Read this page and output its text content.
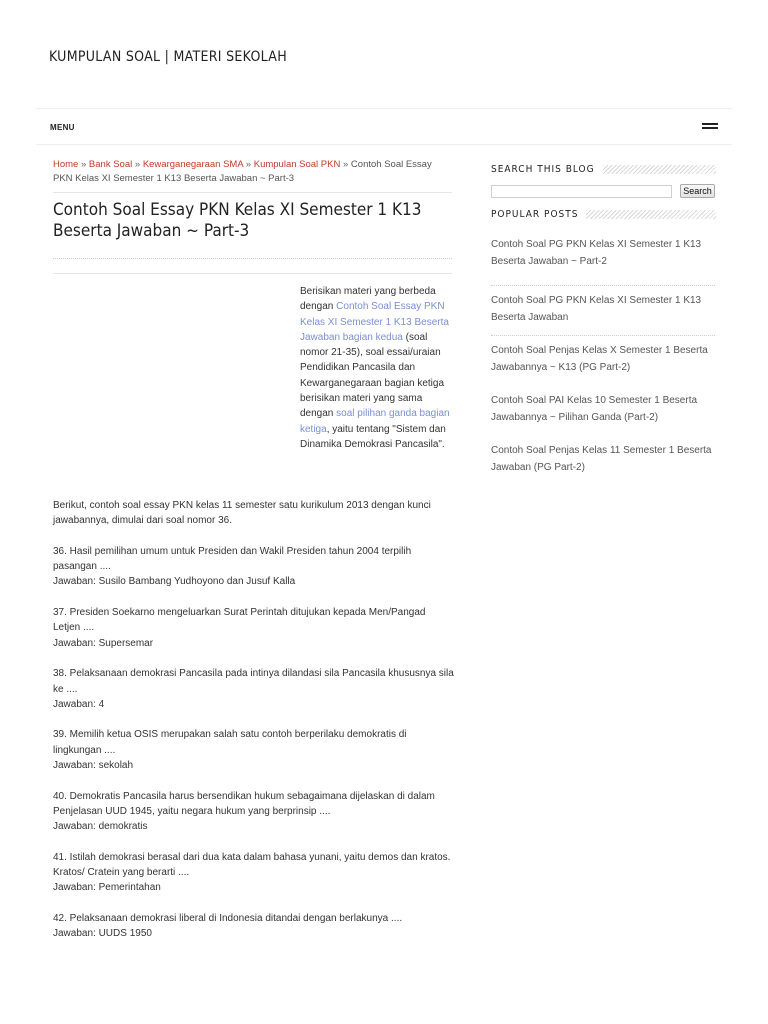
KUMPULAN SOAL | MATERI SEKOLAH
MENU
Home » Bank Soal » Kewarganegaraan SMA » Kumpulan Soal PKN » Contoh Soal Essay PKN Kelas XI Semester 1 K13 Beserta Jawaban ~ Part-3
Contoh Soal Essay PKN Kelas XI Semester 1 K13 Beserta Jawaban ~ Part-3
Berisikan materi yang berbeda dengan Contoh Soal Essay PKN Kelas XI Semester 1 K13 Beserta Jawaban bagian kedua (soal nomor 21-35), soal essai/uraian Pendidikan Pancasila dan Kewarganegaraan bagian ketiga berisikan materi yang sama dengan soal pilihan ganda bagian ketiga, yaitu tentang "Sistem dan Dinamika Demokrasi Pancasila".

Berikut, contoh soal essay PKN kelas 11 semester satu kurikulum 2013 dengan kunci jawabannya, dimulai dari soal nomor 36.

36. Hasil pemilihan umum untuk Presiden dan Wakil Presiden tahun 2004 terpilih pasangan ....

Jawaban: Susilo Bambang Yudhoyono dan Jusuf Kalla

37. Presiden Soekarno mengeluarkan Surat Perintah ditujukan kepada Men/Pangad Letjen ....

Jawaban: Supersemar

38. Pelaksanaan demokrasi Pancasila pada intinya dilandasi sila Pancasila khususnya sila ke ....

Jawaban: 4

39. Memilih ketua OSIS merupakan salah satu contoh berperilaku demokratis di lingkungan ....

Jawaban: sekolah

40. Demokratis Pancasila harus bersendikan hukum sebagaimana dijelaskan di dalam Penjelasan UUD 1945, yaitu negara hukum yang berprinsip ....

Jawaban: demokratis

41. Istilah demokrasi berasal dari dua kata dalam bahasa yunani, yaitu demos dan kratos. Kratos/ Cratein yang berarti ....

Jawaban: Pemerintahan

42. Pelaksanaan demokrasi liberal di Indonesia ditandai dengan berlakunya ....

Jawaban: UUDS 1950

SEARCH THIS BLOG
Search
POPULAR POSTS
Contoh Soal PG PKN Kelas XI Semester 1 K13 Beserta Jawaban ~ Part-2
Contoh Soal PG PKN Kelas XI Semester 1 K13 Beserta Jawaban
Contoh Soal Penjas Kelas X Semester 1 Beserta Jawabannya ~ K13 (PG Part-2)
Contoh Soal PAI Kelas 10 Semester 1 Beserta Jawabannya ~ Pilihan Ganda (Part-2)
Contoh Soal Penjas Kelas 11 Semester 1 Beserta Jawaban (PG Part-2)
